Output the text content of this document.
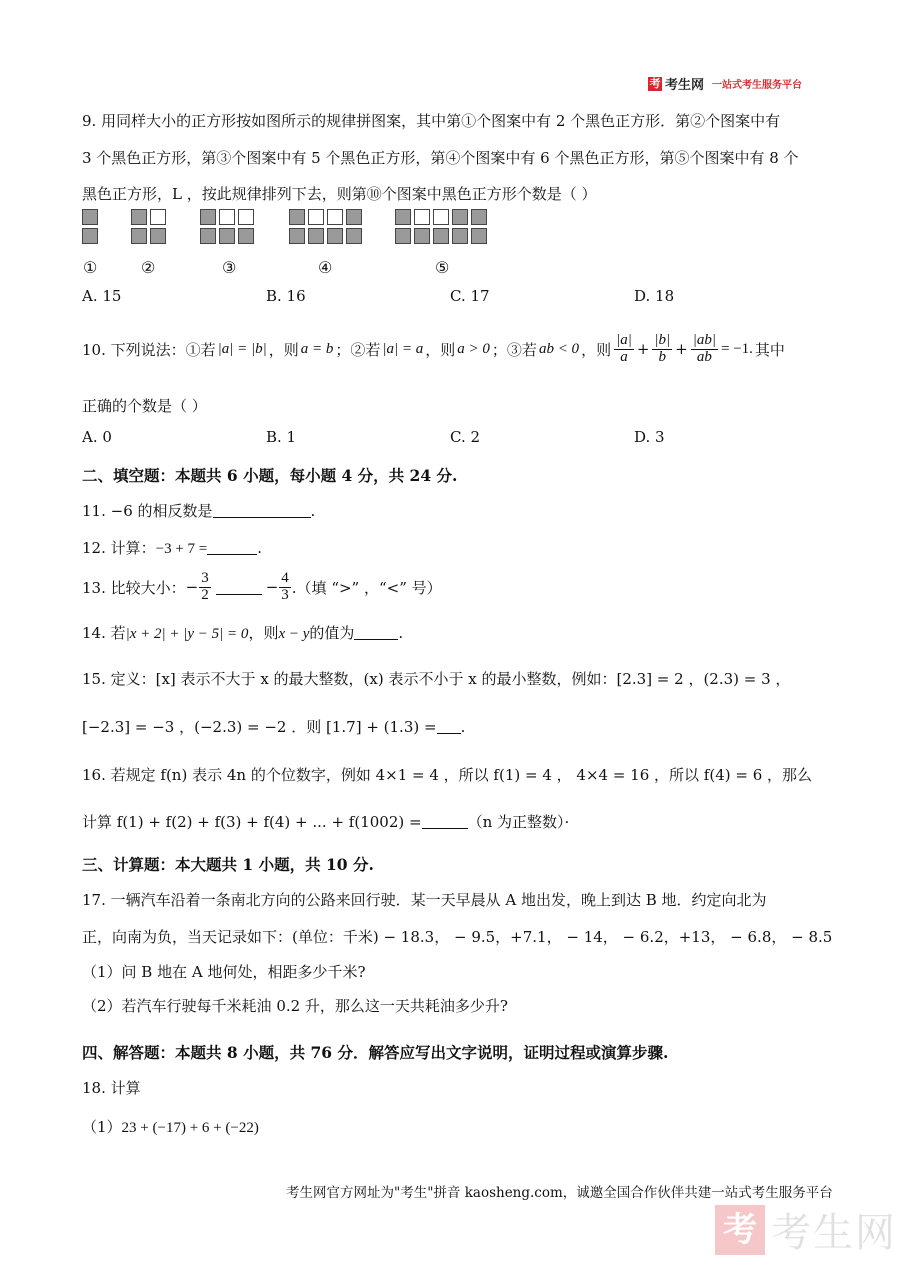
考 考生网 一站式考生服务平台
9. 用同样大小的正方形按如图所示的规律拼图案，其中第①个图案中有 2 个黑色正方形．第②个图案中有
3 个黑色正方形，第③个图案中有 5 个黑色正方形，第④个图案中有 6 个黑色正方形，第⑤个图案中有 8 个
黑色正方形，L ，按此规律排列下去，则第⑩个图案中黑色正方形个数是（ ）
①	②	③	④	⑤
A. 15	B. 16	C. 17	D. 18
10. 下列说法：①若 |a| = |b| ，则 a = b ；②若 |a| = a ，则 a > 0 ；③若 ab < 0 ，则 $\frac{|a|}{a} + \frac{|b|}{b} + \frac{|ab|}{ab} = -1$. 其中
正确的个数是（ ）
A. 0	B. 1	C. 2	D. 3
二、填空题：本题共 6 小题，每小题 4 分，共 24 分.
11. −6 的相反数是	.
12. 计算：−3 + 7 =	.
13. 比较大小： − $\frac{3}{2}$	− $\frac{4}{3}$ .（填 “>” ，“<” 号）
14. 若|x + 2| + |y − 5| = 0，则x − y的值为	.
15. 定义：[x] 表示不大于 x 的最大整数，(x) 表示不小于 x 的最小整数，例如：[2.3] = 2 ，(2.3) = 3 ，
[−2.3] = −3 ，(−2.3) = −2 ．则 [1.7] + (1.3) = .
16. 若规定 f(n) 表示 4n 的个位数字，例如 4×1 = 4 ，所以 f(1) = 4 ， 4×4 = 16 ，所以 f(4) = 6 ，那么
计算 f(1) + f(2) + f(3) + f(4) + ... + f(1002) =	（n 为正整数）·
三、计算题：本大题共 1 小题，共 10 分.
17. 一辆汽车沿着一条南北方向的公路来回行驶．某一天早晨从 A 地出发，晚上到达 B 地．约定向北为
正，向南为负，当天记录如下：(单位：千米) − 18.3， − 9.5，+7.1， − 14， − 6.2，+13， − 6.8， − 8.5
（1）问 B 地在 A 地何处，相距多少千米?
（2）若汽车行驶每千米耗油 0.2 升，那么这一天共耗油多少升?
四、解答题：本题共 8 小题，共 76 分．解答应写出文字说明，证明过程或演算步骤.
18. 计算
（1）23 + (−17) + 6 + (−22)
考生网官方网址为"考生"拼音 kaosheng.com，诚邀全国合作伙伴共建一站式考生服务平台
考 考生网
